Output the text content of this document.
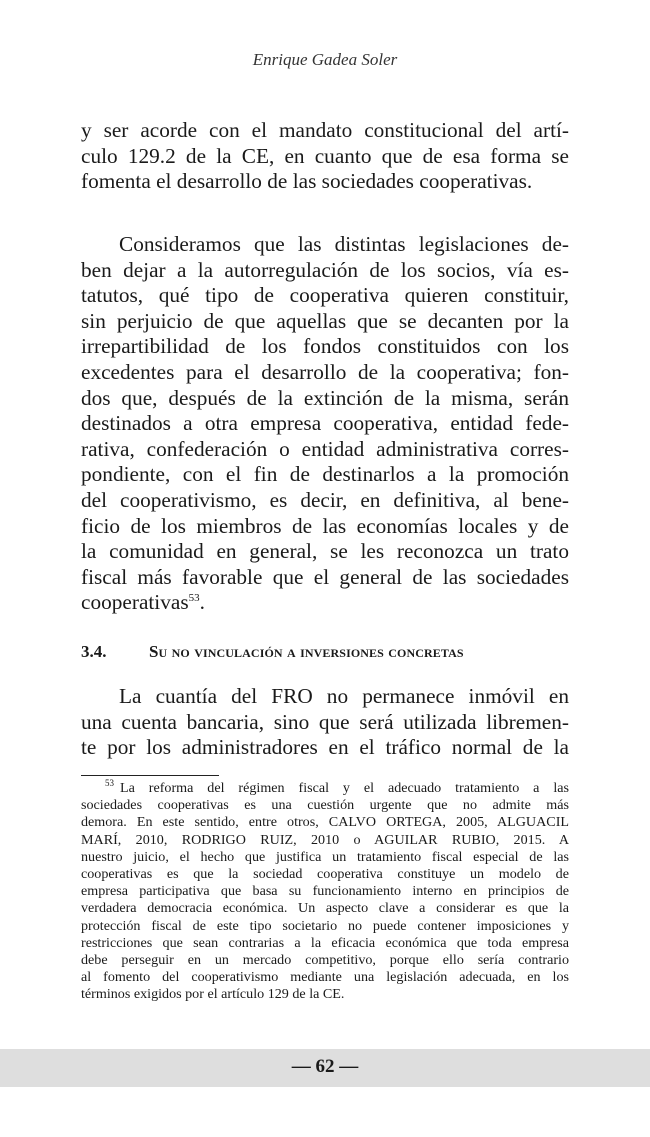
Enrique Gadea Soler

y ser acorde con el mandato constitucional del artí-
culo 129.2 de la CE, en cuanto que de esa forma se
fomenta el desarrollo de las sociedades cooperativas.

Consideramos que las distintas legislaciones de-
ben dejar a la autorregulación de los socios, vía es-
tatutos, qué tipo de cooperativa quieren constituir,
sin perjuicio de que aquellas que se decanten por la
irrepartibilidad de los fondos constituidos con los
excedentes para el desarrollo de la cooperativa; fon-
dos que, después de la extinción de la misma, serán
destinados a otra empresa cooperativa, entidad fede-
rativa, confederación o entidad administrativa corres-
pondiente, con el fin de destinarlos a la promoción
del cooperativismo, es decir, en definitiva, al bene-
ficio de los miembros de las economías locales y de
la comunidad en general, se les reconozca un trato
fiscal más favorable que el general de las sociedades
cooperativas$^{53}$.

3.4.	Su no vinculación a inversiones concretas

La cuantía del FRO no permanece inmóvil en
una cuenta bancaria, sino que será utilizada libremen-
te por los administradores en el tráfico normal de la

$^{53}$ La reforma del régimen fiscal y el adecuado tratamiento a las
sociedades cooperativas es una cuestión urgente que no admite más
demora. En este sentido, entre otros, CALVO ORTEGA, 2005, ALGUACIL
MARÍ, 2010, RODRIGO RUIZ, 2010 o AGUILAR RUBIO, 2015. A
nuestro juicio, el hecho que justifica un tratamiento fiscal especial de las
cooperativas es que la sociedad cooperativa constituye un modelo de
empresa participativa que basa su funcionamiento interno en principios de
verdadera democracia económica. Un aspecto clave a considerar es que la
protección fiscal de este tipo societario no puede contener imposiciones y
restricciones que sean contrarias a la eficacia económica que toda empresa
debe perseguir en un mercado competitivo, porque ello sería contrario
al fomento del cooperativismo mediante una legislación adecuada, en los
términos exigidos por el artículo 129 de la CE.

— 62 —
